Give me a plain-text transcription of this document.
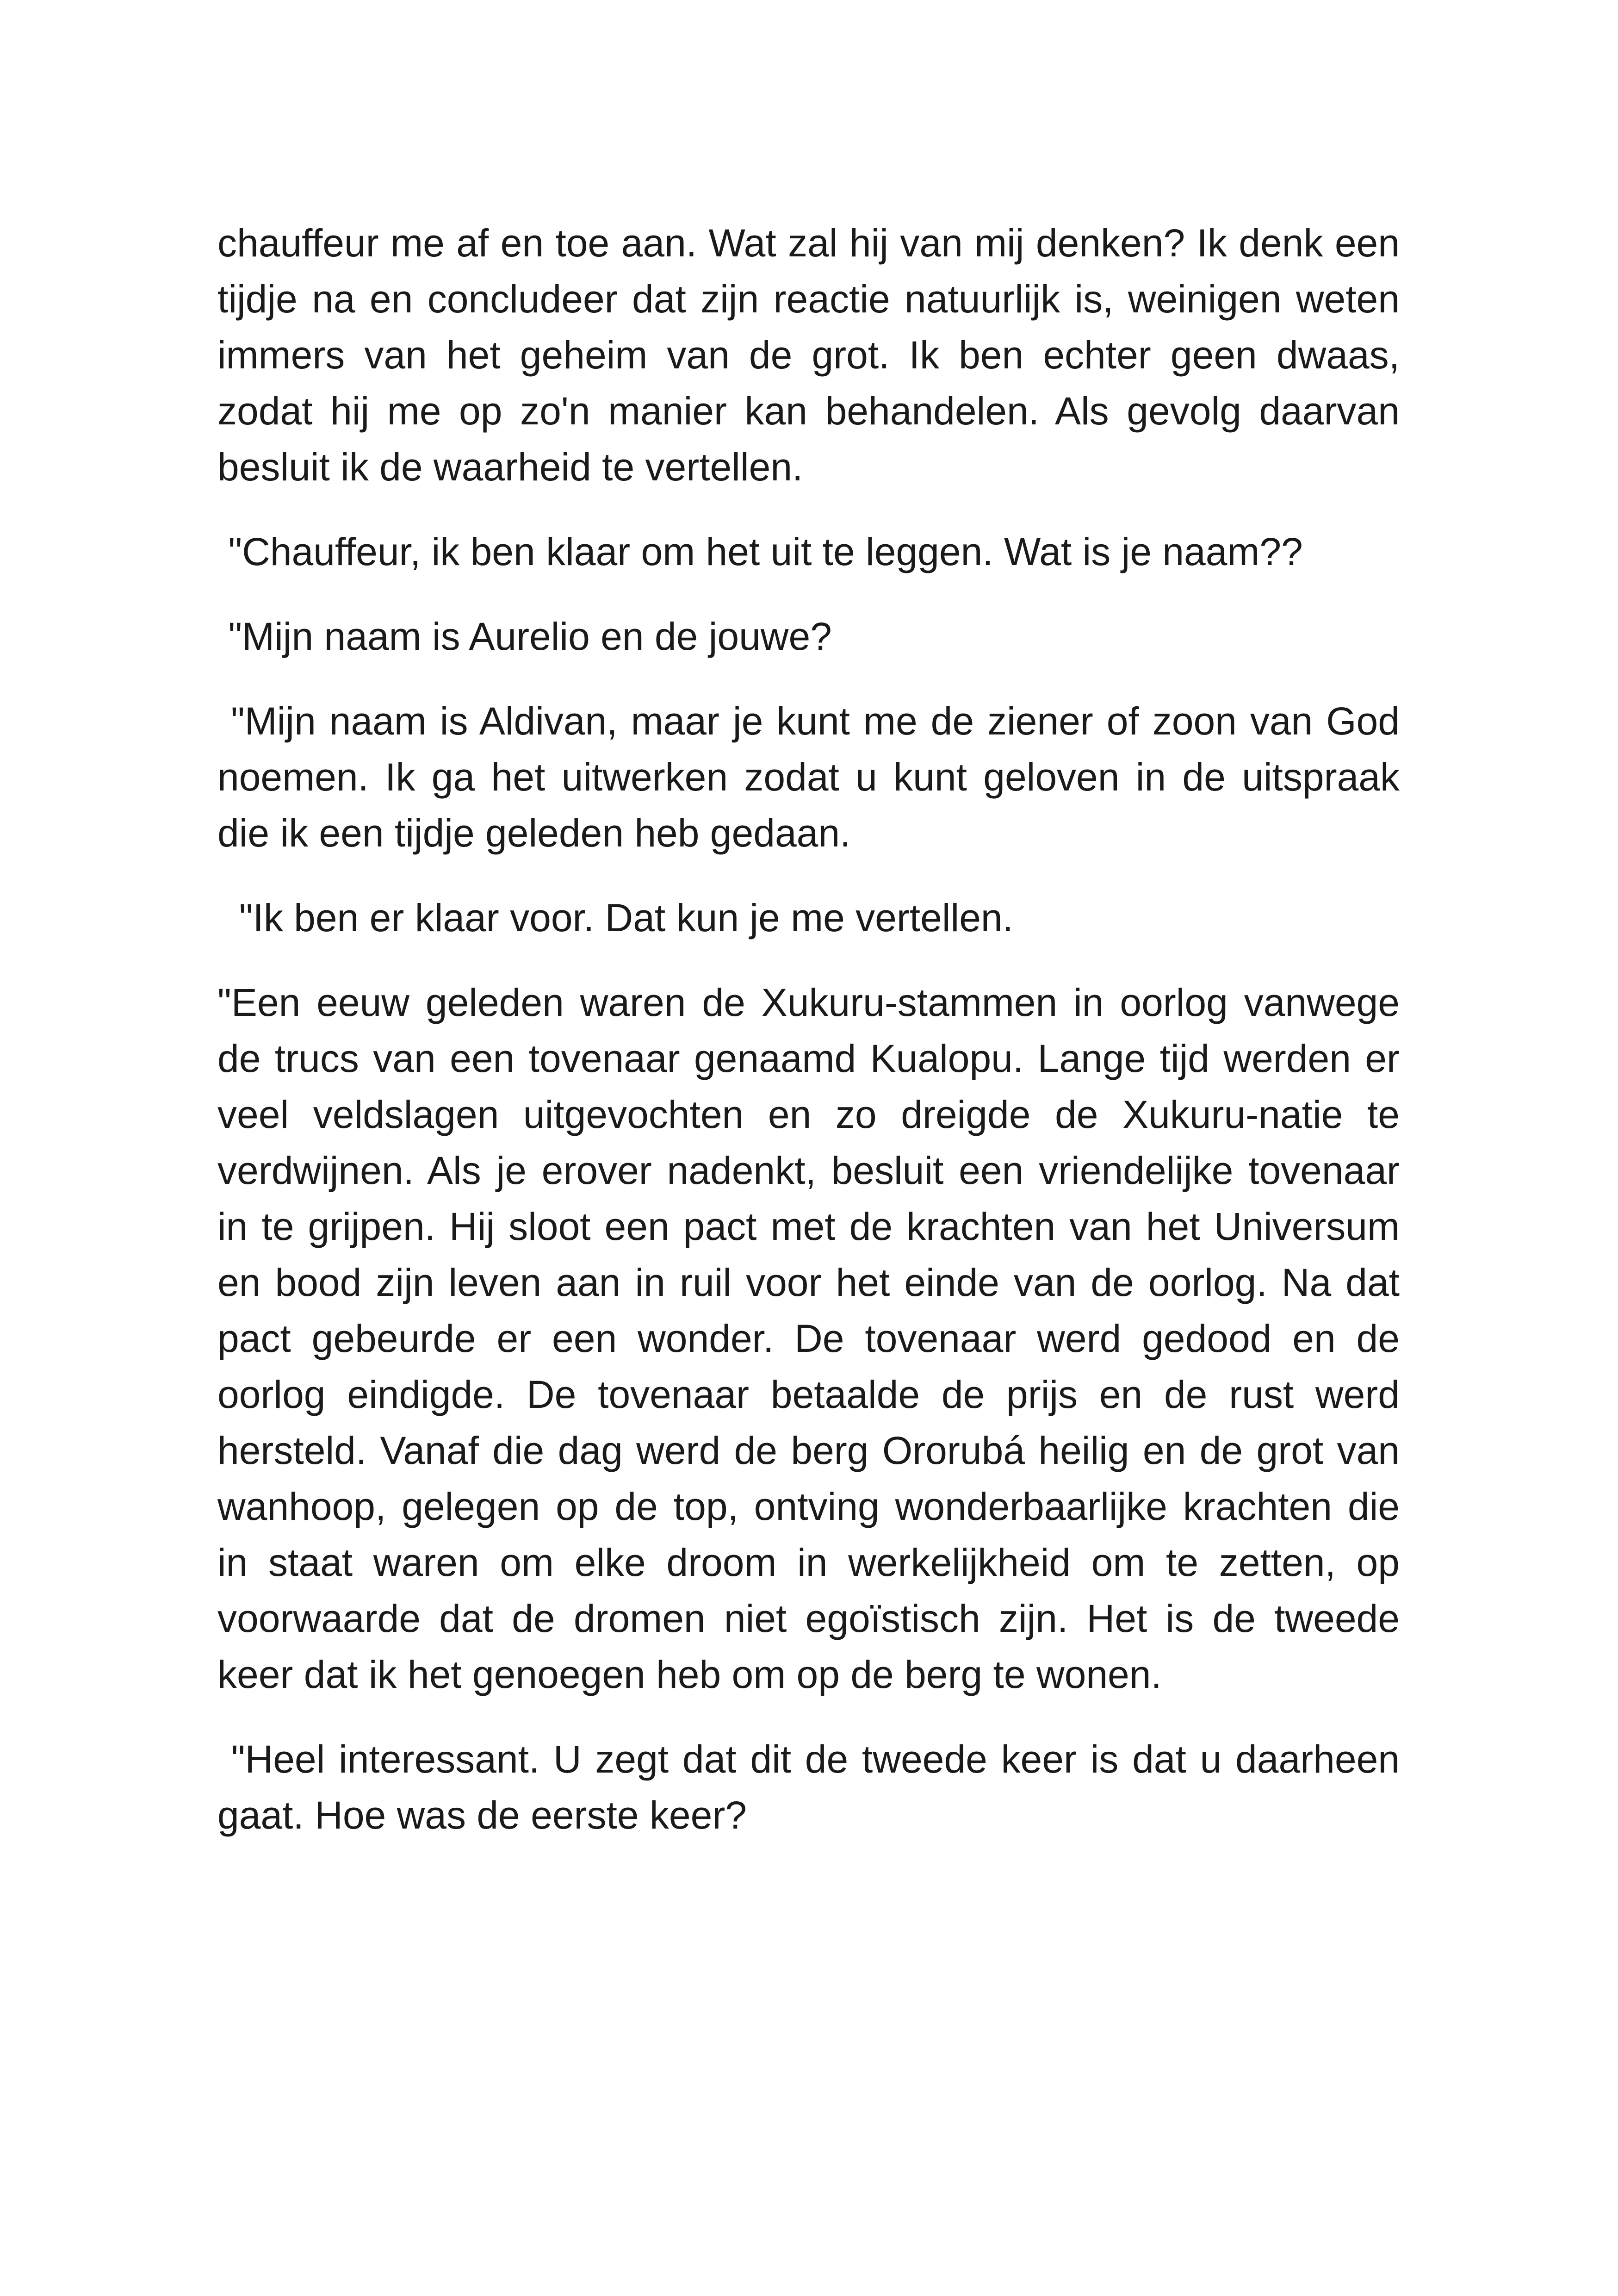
chauffeur me af en toe aan. Wat zal hij van mij denken? Ik denk een tijdje na en concludeer dat zijn reactie natuurlijk is, weinigen weten immers van het geheim van de grot. Ik ben echter geen dwaas, zodat hij me op zo'n manier kan behandelen. Als gevolg daarvan besluit ik de waarheid te vertellen.

"Chauffeur, ik ben klaar om het uit te leggen. Wat is je naam??

"Mijn naam is Aurelio en de jouwe?

"Mijn naam is Aldivan, maar je kunt me de ziener of zoon van God noemen. Ik ga het uitwerken zodat u kunt geloven in de uitspraak die ik een tijdje geleden heb gedaan.

"Ik ben er klaar voor. Dat kun je me vertellen.

"Een eeuw geleden waren de Xukuru-stammen in oorlog vanwege de trucs van een tovenaar genaamd Kualopu. Lange tijd werden er veel veldslagen uitgevochten en zo dreigde de Xukuru-natie te verdwijnen. Als je erover nadenkt, besluit een vriendelijke tovenaar in te grijpen. Hij sloot een pact met de krachten van het Universum en bood zijn leven aan in ruil voor het einde van de oorlog. Na dat pact gebeurde er een wonder. De tovenaar werd gedood en de oorlog eindigde. De tovenaar betaalde de prijs en de rust werd hersteld. Vanaf die dag werd de berg Ororubá heilig en de grot van wanhoop, gelegen op de top, ontving wonderbaarlijke krachten die in staat waren om elke droom in werkelijkheid om te zetten, op voorwaarde dat de dromen niet egoïstisch zijn. Het is de tweede keer dat ik het genoegen heb om op de berg te wonen.

"Heel interessant. U zegt dat dit de tweede keer is dat u daarheen gaat. Hoe was de eerste keer?
